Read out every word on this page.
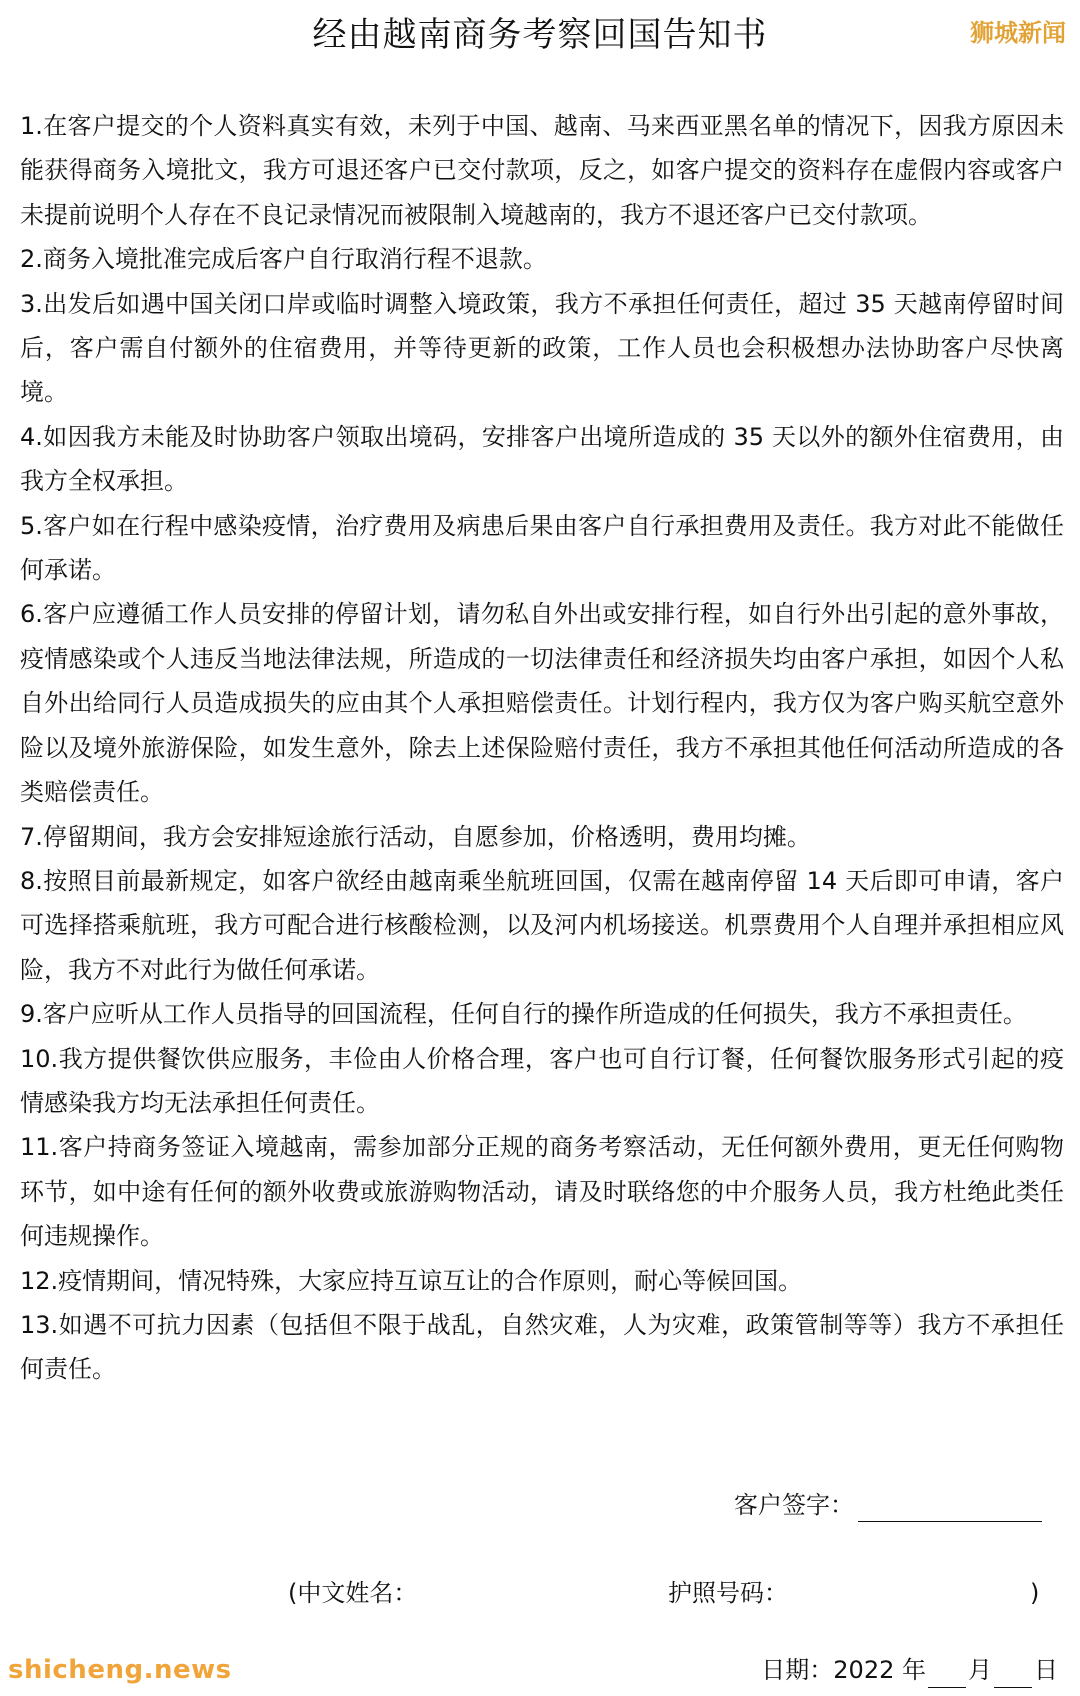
经由越南商务考察回国告知书	狮城新闻

1.在客户提交的个人资料真实有效，未列于中国、越南、马来西亚黑名单的情况下，因我方原因未能获得商务入境批文，我方可退还客户已交付款项，反之，如客户提交的资料存在虚假内容或客户未提前说明个人存在不良记录情况而被限制入境越南的，我方不退还客户已交付款项。

2.商务入境批准完成后客户自行取消行程不退款。

3.出发后如遇中国关闭口岸或临时调整入境政策，我方不承担任何责任，超过 35 天越南停留时间后，客户需自付额外的住宿费用，并等待更新的政策，工作人员也会积极想办法协助客户尽快离境。

4.如因我方未能及时协助客户领取出境码，安排客户出境所造成的 35 天以外的额外住宿费用，由我方全权承担。

5.客户如在行程中感染疫情，治疗费用及病患后果由客户自行承担费用及责任。我方对此不能做任何承诺。

6.客户应遵循工作人员安排的停留计划，请勿私自外出或安排行程，如自行外出引起的意外事故，疫情感染或个人违反当地法律法规，所造成的一切法律责任和经济损失均由客户承担，如因个人私自外出给同行人员造成损失的应由其个人承担赔偿责任。计划行程内，我方仅为客户购买航空意外险以及境外旅游保险，如发生意外，除去上述保险赔付责任，我方不承担其他任何活动所造成的各类赔偿责任。

7.停留期间，我方会安排短途旅行活动，自愿参加，价格透明，费用均摊。

8.按照目前最新规定，如客户欲经由越南乘坐航班回国，仅需在越南停留 14 天后即可申请，客户可选择搭乘航班，我方可配合进行核酸检测，以及河内机场接送。机票费用个人自理并承担相应风险，我方不对此行为做任何承诺。

9.客户应听从工作人员指导的回国流程，任何自行的操作所造成的任何损失，我方不承担责任。

10.我方提供餐饮供应服务，丰俭由人价格合理，客户也可自行订餐，任何餐饮服务形式引起的疫情感染我方均无法承担任何责任。

11.客户持商务签证入境越南，需参加部分正规的商务考察活动，无任何额外费用，更无任何购物环节，如中途有任何的额外收费或旅游购物活动，请及时联络您的中介服务人员，我方杜绝此类任何违规操作。

12.疫情期间，情况特殊，大家应持互谅互让的合作原则，耐心等候回国。

13.如遇不可抗力因素（包括但不限于战乱，自然灾难，人为灾难，政策管制等等）我方不承担任何责任。

客户签字：
(中文姓名：	护照号码：	)
日期： 2022 年 月 日
shicheng.news
